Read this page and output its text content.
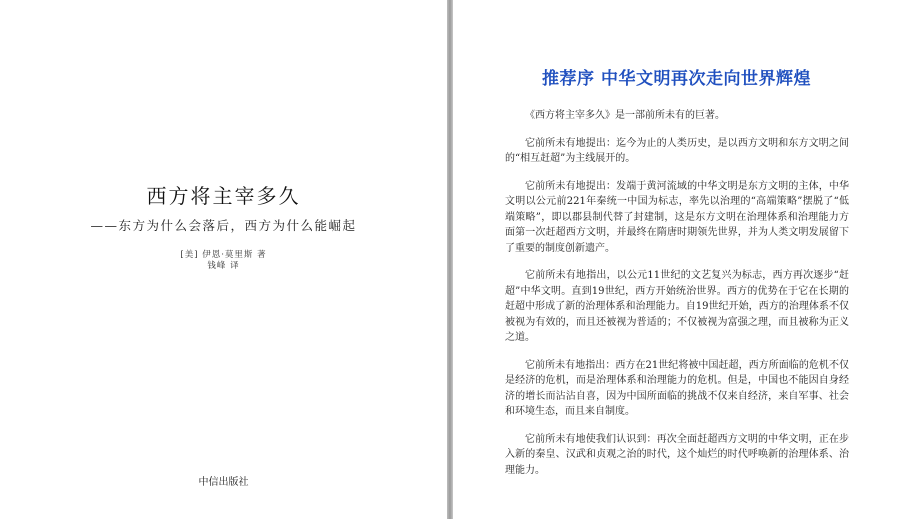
西方将主宰多久
——东方为什么会落后，西方为什么能崛起
[美] 伊恩·莫里斯 著
钱峰 译
中信出版社
推荐序 中华文明再次走向世界辉煌

《西方将主宰多久》是一部前所未有的巨著。

它前所未有地提出：迄今为止的人类历史，是以西方文明和东方文明之间的“相互赶超”为主线展开的。

它前所未有地提出：发端于黄河流域的中华文明是东方文明的主体，中华文明以公元前221年秦统一中国为标志，率先以治理的“高端策略”摆脱了“低端策略”，即以郡县制代替了封建制，这是东方文明在治理体系和治理能力方面第一次赶超西方文明，并最终在隋唐时期领先世界，并为人类文明发展留下了重要的制度创新遗产。

它前所未有地指出，以公元11世纪的文艺复兴为标志，西方再次逐步“赶超”中华文明。直到19世纪，西方开始统治世界。西方的优势在于它在长期的赶超中形成了新的治理体系和治理能力。自19世纪开始，西方的治理体系不仅被视为有效的，而且还被视为普适的；不仅被视为富强之理，而且被称为正义之道。

它前所未有地指出：西方在21世纪将被中国赶超，西方所面临的危机不仅是经济的危机，而是治理体系和治理能力的危机。但是，中国也不能因自身经济的增长而沾沾自喜，因为中国所面临的挑战不仅来自经济，来自军事、社会和环境生态，而且来自制度。

它前所未有地使我们认识到：再次全面赶超西方文明的中华文明，正在步入新的秦皇、汉武和贞观之治的时代，这个灿烂的时代呼唤新的治理体系、治理能力。
